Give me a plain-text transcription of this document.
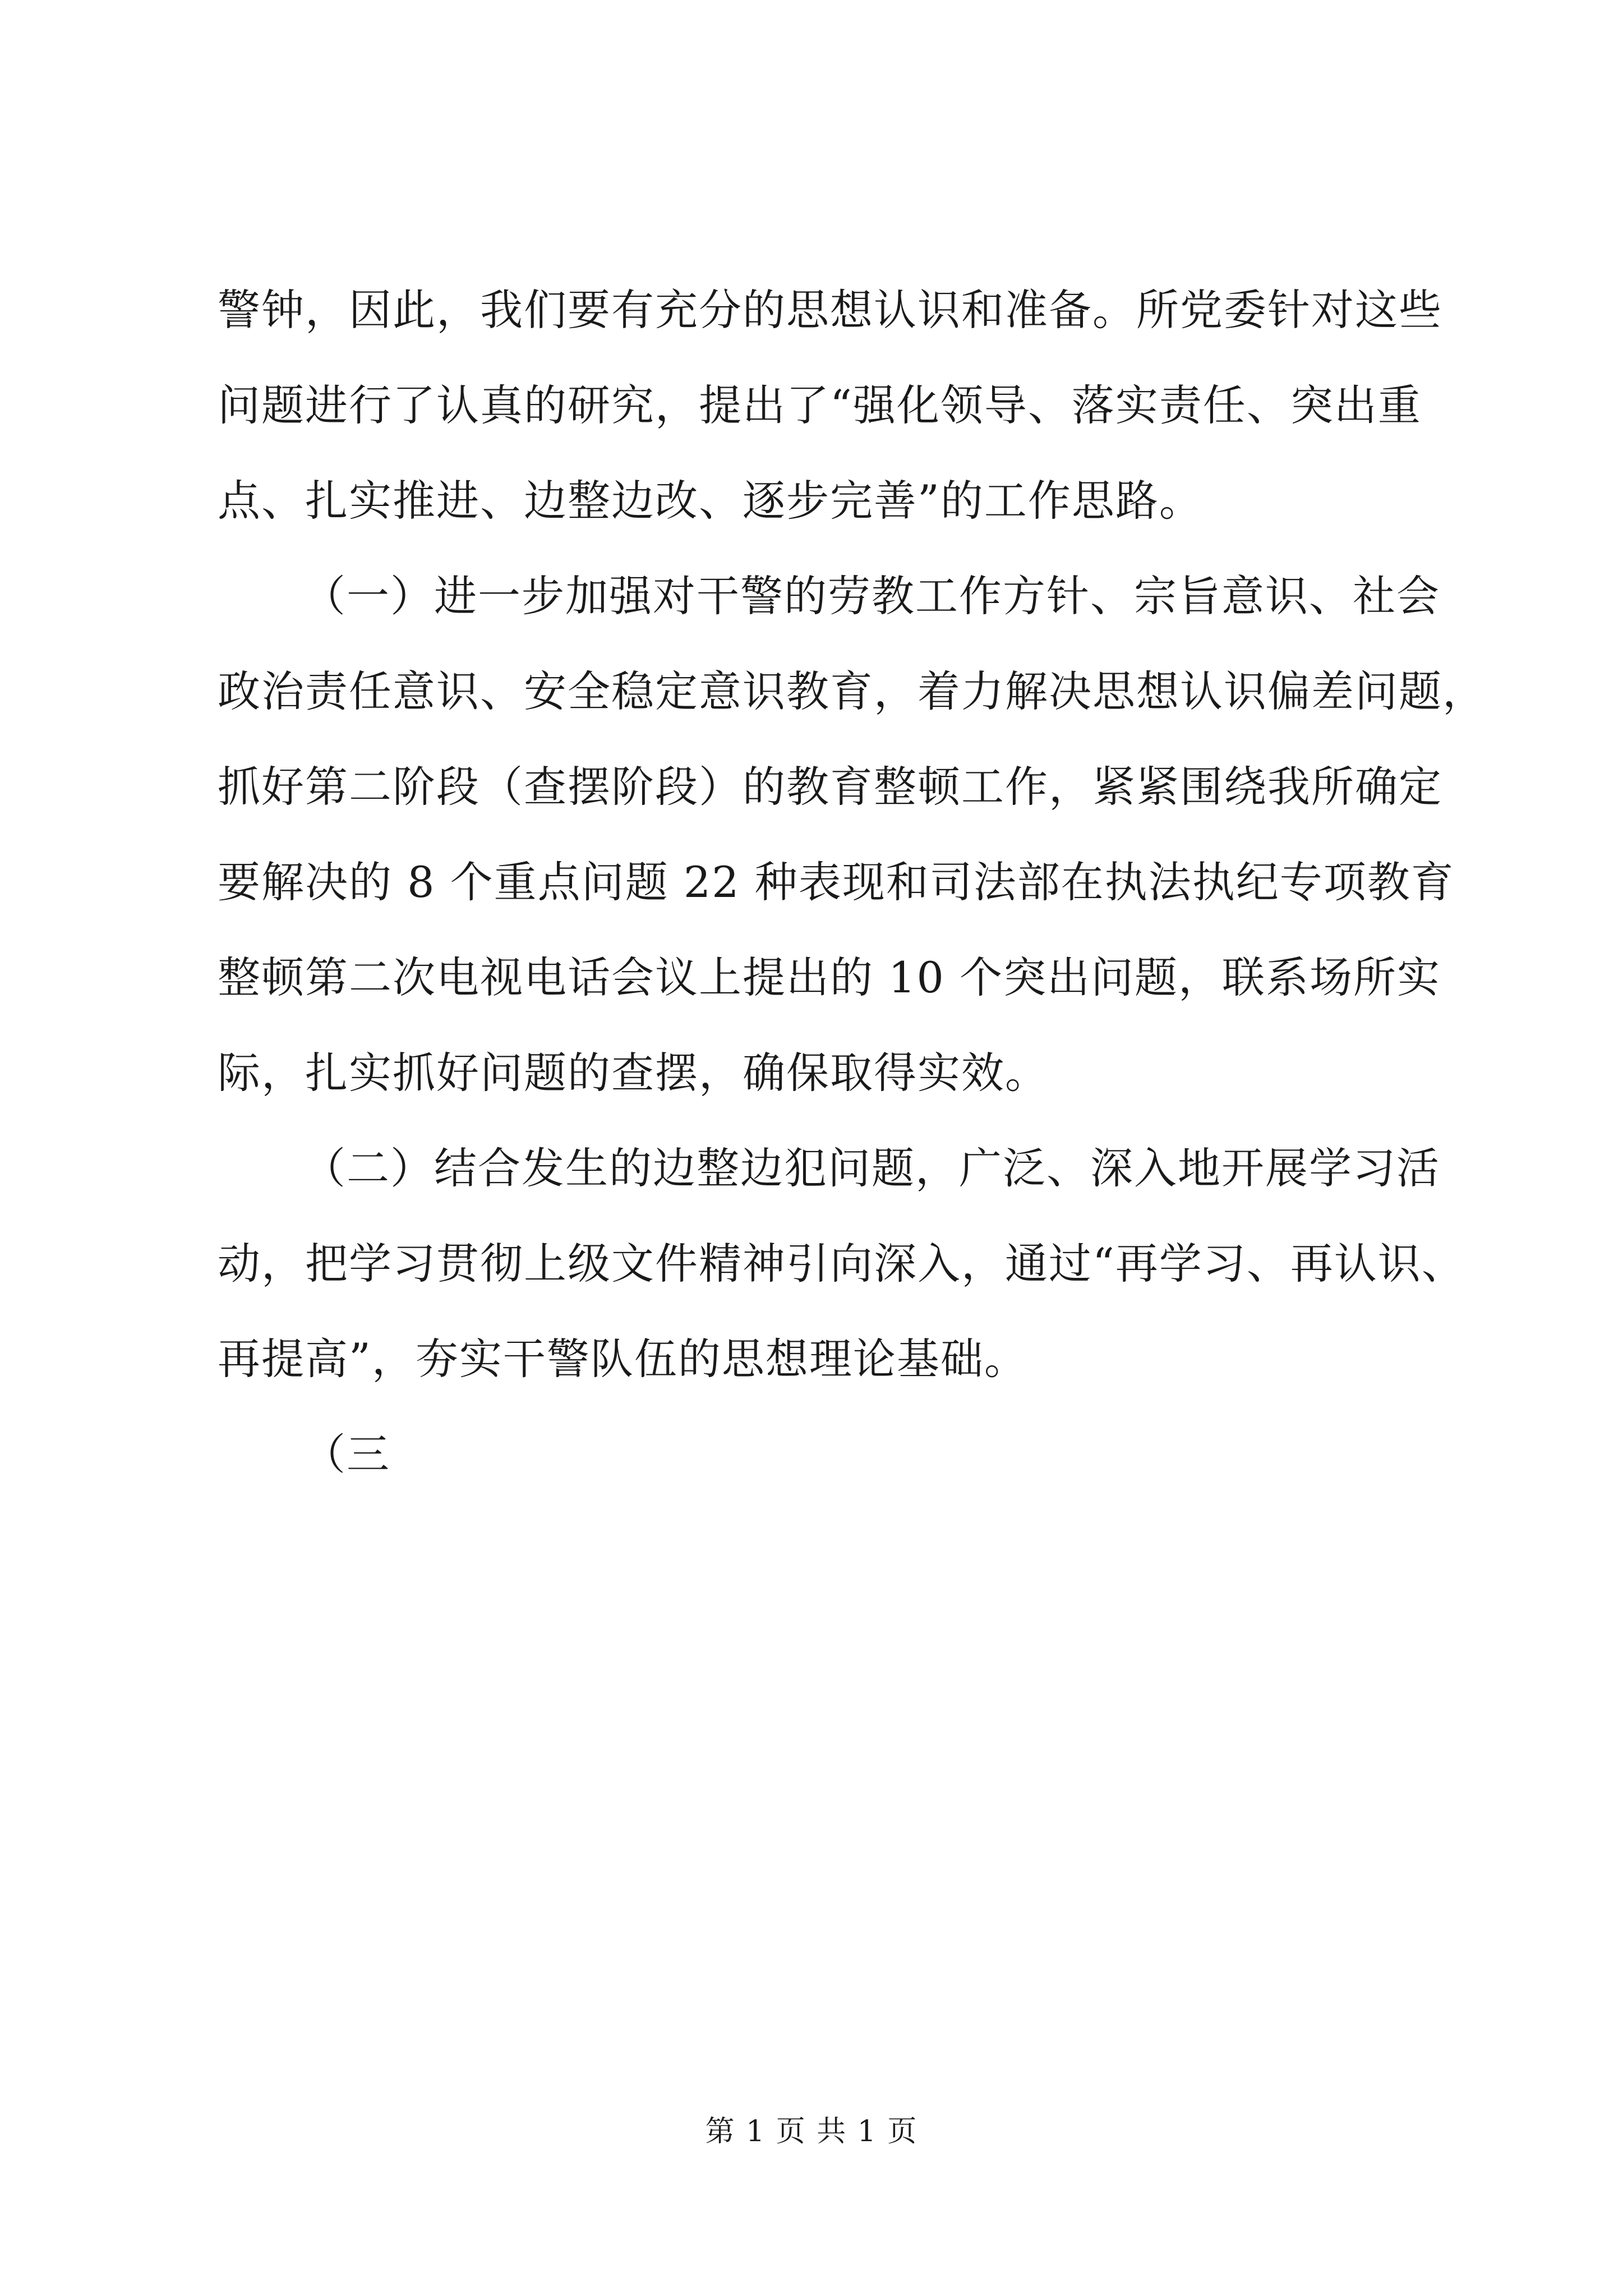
警钟，因此，我们要有充分的思想认识和准备。所党委针对这些
问题进行了认真的研究，提出了“强化领导、落实责任、突出重
点、扎实推进、边整边改、逐步完善”的工作思路。

（一）进一步加强对干警的劳教工作方针、宗旨意识、社会
政治责任意识、安全稳定意识教育，着力解决思想认识偏差问题，
抓好第二阶段（查摆阶段）的教育整顿工作，紧紧围绕我所确定
要解决的 8 个重点问题 22 种表现和司法部在执法执纪专项教育
整顿第二次电视电话会议上提出的 10 个突出问题，联系场所实
际，扎实抓好问题的查摆，确保取得实效。

（二）结合发生的边整边犯问题，广泛、深入地开展学习活
动，把学习贯彻上级文件精神引向深入，通过“再学习、再认识、
再提高”，夯实干警队伍的思想理论基础。

（三

第 1 页 共 1 页
